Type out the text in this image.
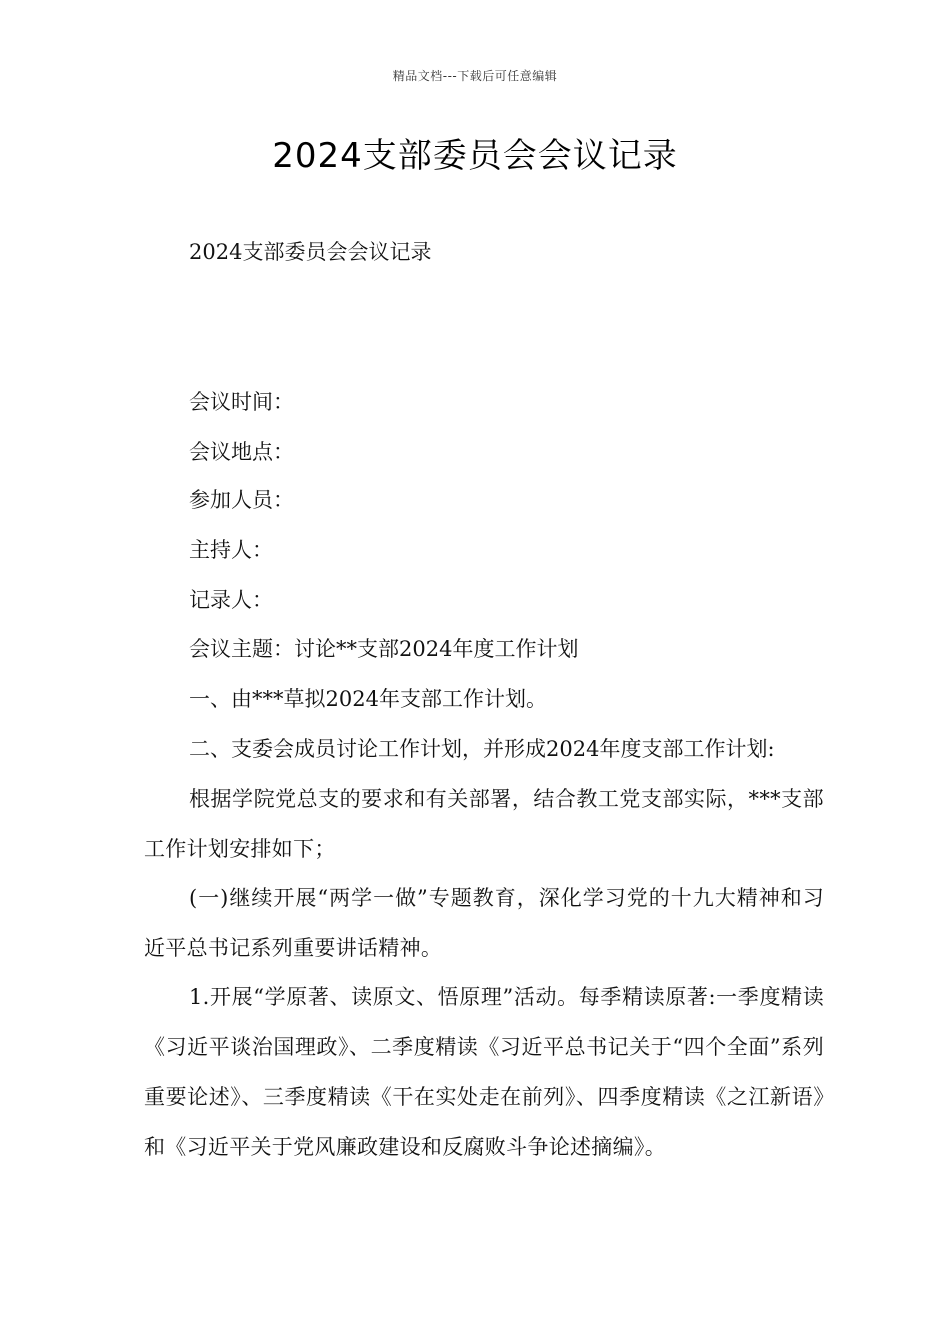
精品文档---下载后可任意编辑
2024支部委员会会议记录

2024支部委员会会议记录

会议时间：

会议地点：

参加人员：

主持人：

记录人：

会议主题：讨论**支部2024年度工作计划

一、由***草拟2024年支部工作计划。

二、支委会成员讨论工作计划，并形成2024年度支部工作计划:

根据学院党总支的要求和有关部署，结合教工党支部实际，***支部工作计划安排如下；

(一)继续开展“两学一做”专题教育，深化学习党的十九大精神和习近平总书记系列重要讲话精神。

1.开展“学原著、读原文、悟原理”活动。每季精读原著:一季度精读《习近平谈治国理政》、二季度精读《习近平总书记关于“四个全面”系列重要论述》、三季度精读《干在实处走在前列》、四季度精读《之江新语》和《习近平关于党风廉政建设和反腐败斗争论述摘编》。
